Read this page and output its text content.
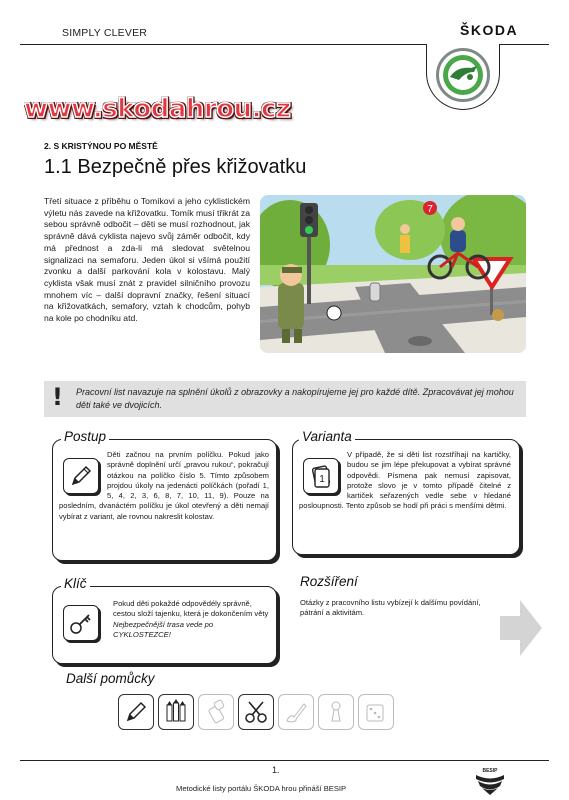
SIMPLY CLEVER	ŠKODA
www.skodahrou.cz
2. S KRISTÝNOU PO MĚSTĚ
1.1 Bezpečně přes křižovatku

Třetí situace z příběhu o Tomíkovi a jeho cyklistickém výletu nás zavede na křižovatku. Tomík musí třikrát za sebou správně odbočit – děti se musí rozhodnout, jak správně dává cyklista najevo svůj záměr odbočit, kdy má přednost a zda-li má sledovat světelnou signalizaci na semaforu. Jeden úkol si všímá použití zvonku a další parkování kola v kolostavu. Malý cyklista však musí znát z pravidel silničního provozu mnohem víc – další dopravní značky, řešení situací na křižovatkách, semafory, vztah k chodcům, pohyb na kole po chodníku atd.

7
! Pracovní list navazuje na splnění úkolů z obrazovky a nakopírujeme jej pro každé dítě. Zpracovávat jej mohou děti také ve dvojicích.
Postup

Děti začnou na prvním políčku. Pokud jako správně doplnění určí „pravou rukou“, pokračují otázkou na políčko číslo 5. Tímto způsobem projdou úkoly na jedenácti políčkách (pořadí 1, 5, 4, 2, 3, 6, 8, 7, 10, 11, 9). Pouze na posledním, dvanáctém políčku je úkol otevřený a děti nemají vybírat z variant, ale rovnou nakreslit kolostav.

Varianta
1

V případě, že si děti list rozstříhají na kartičky, budou se jim lépe překupovat a vybírat správné odpovědi. Písmena pak nemusí zapisovat, protože slovo je v tomto případě čitelné z kartiček seřazených vedle sebe v hledané posloupnosti. Tento způsob se hodí při práci s menšími dětmi.

Klíč

Pokud děti pokaždé odpovědély správně, cestou složí tajenku, která je dokončením věty Nejbezpečnější trasa vede po CYKLOSTEZCE!

Rozšíření

Otázky z pracovního listu vybízejí k dalšímu povídání, pátrání a aktivitám.

Další pomůcky
1.
Metodické listy portálu ŠKODA hrou přináší BESIP
BESIP
